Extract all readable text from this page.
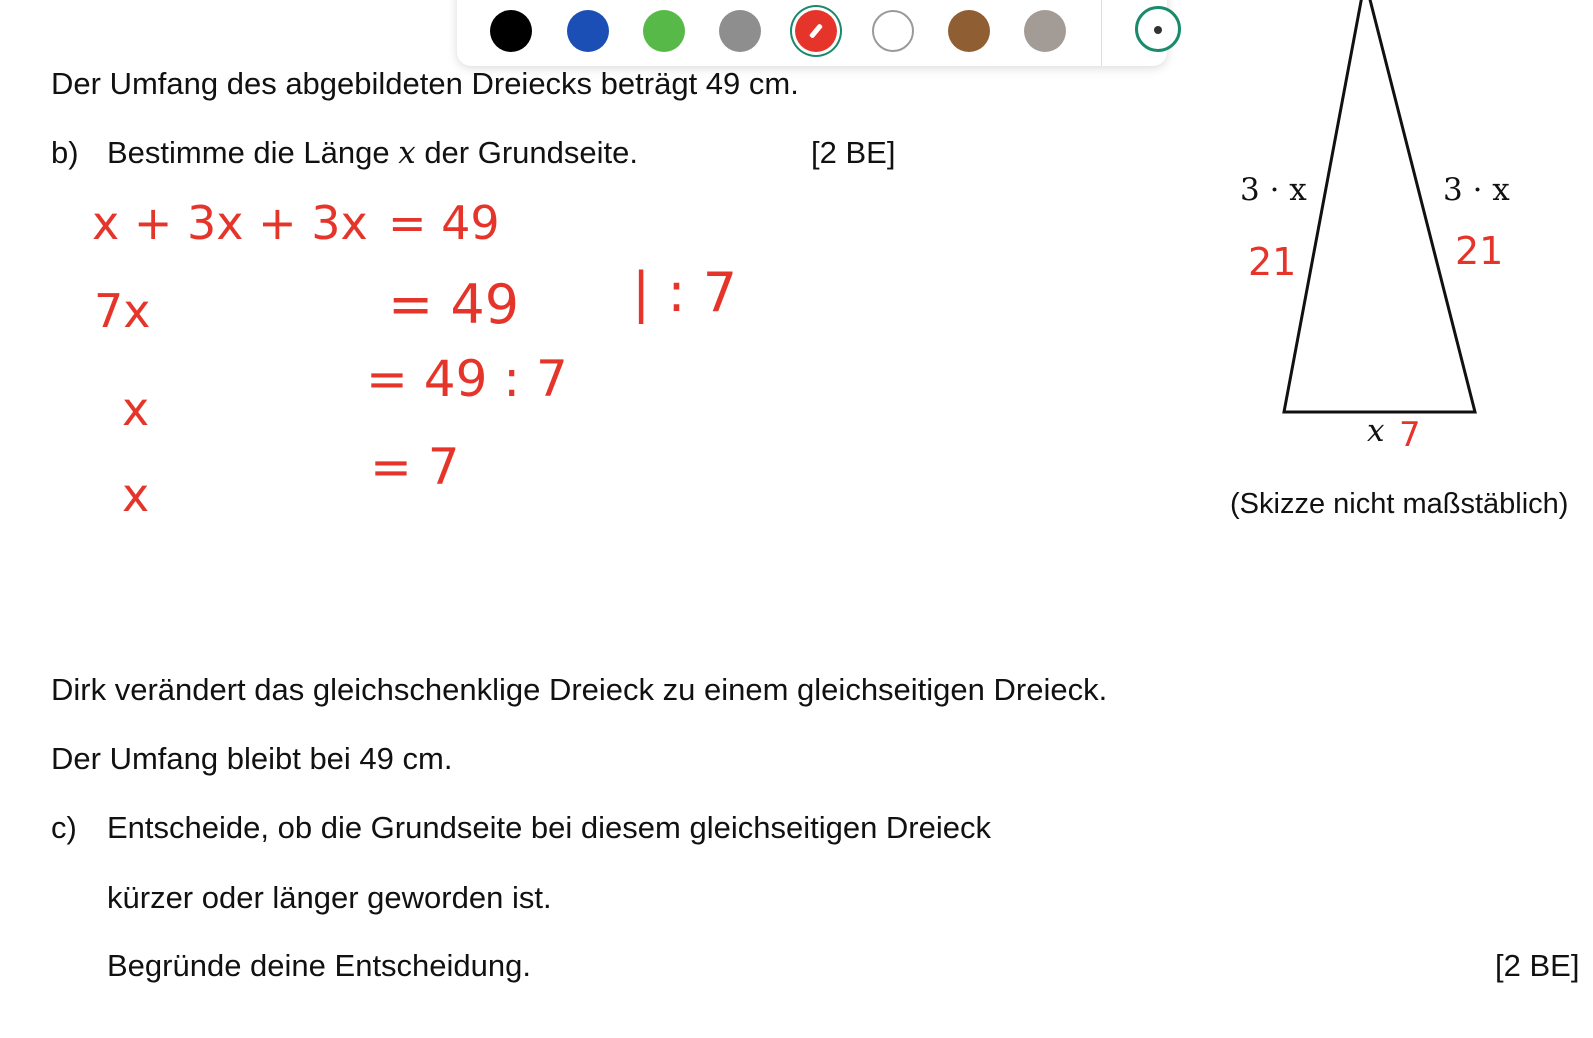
Der Umfang des abgebildeten Dreiecks beträgt 49 cm.
b) Bestimme die Länge x der Grundseite.	[2 BE]
x + 3x + 3x = 49
7x	= 49 | : 7
x
= 49 : 7
x	= 7
3 · x	3 · x
x
21	21
7
(Skizze nicht maßstäblich)
Dirk verändert das gleichschenklige Dreieck zu einem gleichseitigen Dreieck.
Der Umfang bleibt bei 49 cm.
c) Entscheide, ob die Grundseite bei diesem gleichseitigen Dreieck
kürzer oder länger geworden ist.
Begründe deine Entscheidung.	[2 BE]
